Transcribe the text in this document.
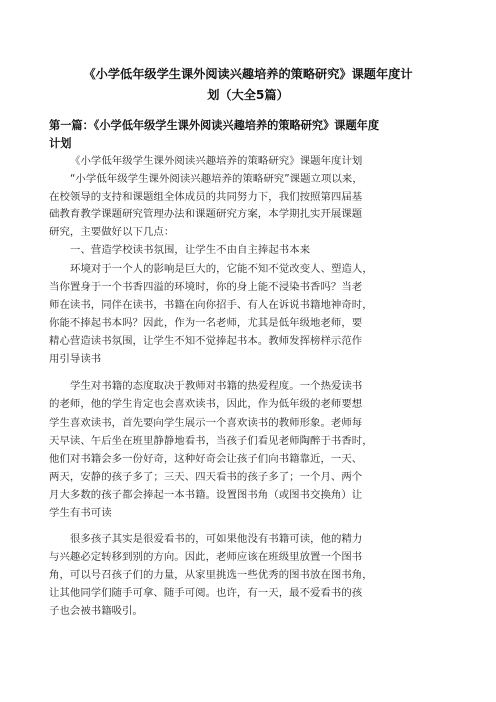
《小学低年级学生课外阅读兴趣培养的策略研究》课题年度计
划（大全5篇）
第一篇：《小学低年级学生课外阅读兴趣培养的策略研究》课题年度
计划
《小学低年级学生课外阅读兴趣培养的策略研究》课题年度计划
“小学低年级学生课外阅读兴趣培养的策略研究”课题立项以来，
在校领导的支持和课题组全体成员的共同努力下，我们按照第四届基
础教育教学课题研究管理办法和课题研究方案，本学期扎实开展课题
研究，主要做好以下几点：
一、营造学校读书氛围，让学生不由自主捧起书本来
环境对于一个人的影响是巨大的，它能不知不觉改变人、塑造人，
当你置身于一个书香四溢的环境时，你的身上能不浸染书香吗？当老
师在读书，同伴在读书，书籍在向你招手、有人在诉说书籍地神奇时，
你能不捧起书本吗？因此，作为一名老师，尤其是低年级地老师，要
精心营造读书氛围，让学生不知不觉捧起书本。教师发挥榜样示范作
用引导读书
学生对书籍的态度取决于教师对书籍的热爱程度。一个热爱读书
的老师，他的学生肯定也会喜欢读书，因此，作为低年级的老师要想
学生喜欢读书，首先要向学生展示一个喜欢读书的教师形象。老师每
天早读、午后坐在班里静静地看书，当孩子们看见老师陶醉于书香时，
他们对书籍会多一份好奇，这种好奇会让孩子们向书籍靠近，一天、
两天，安静的孩子多了；三天、四天看书的孩子多了；一个月、两个
月大多数的孩子都会捧起一本书籍。设置图书角（或图书交换角）让
学生有书可读
很多孩子其实是很爱看书的，可如果他没有书籍可读，他的精力
与兴趣必定转移到别的方向。因此，老师应该在班级里放置一个图书
角，可以号召孩子们的力量，从家里挑选一些优秀的图书放在图书角，
让其他同学们随手可拿、随手可阅。也许，有一天，最不爱看书的孩
子也会被书籍吸引。
